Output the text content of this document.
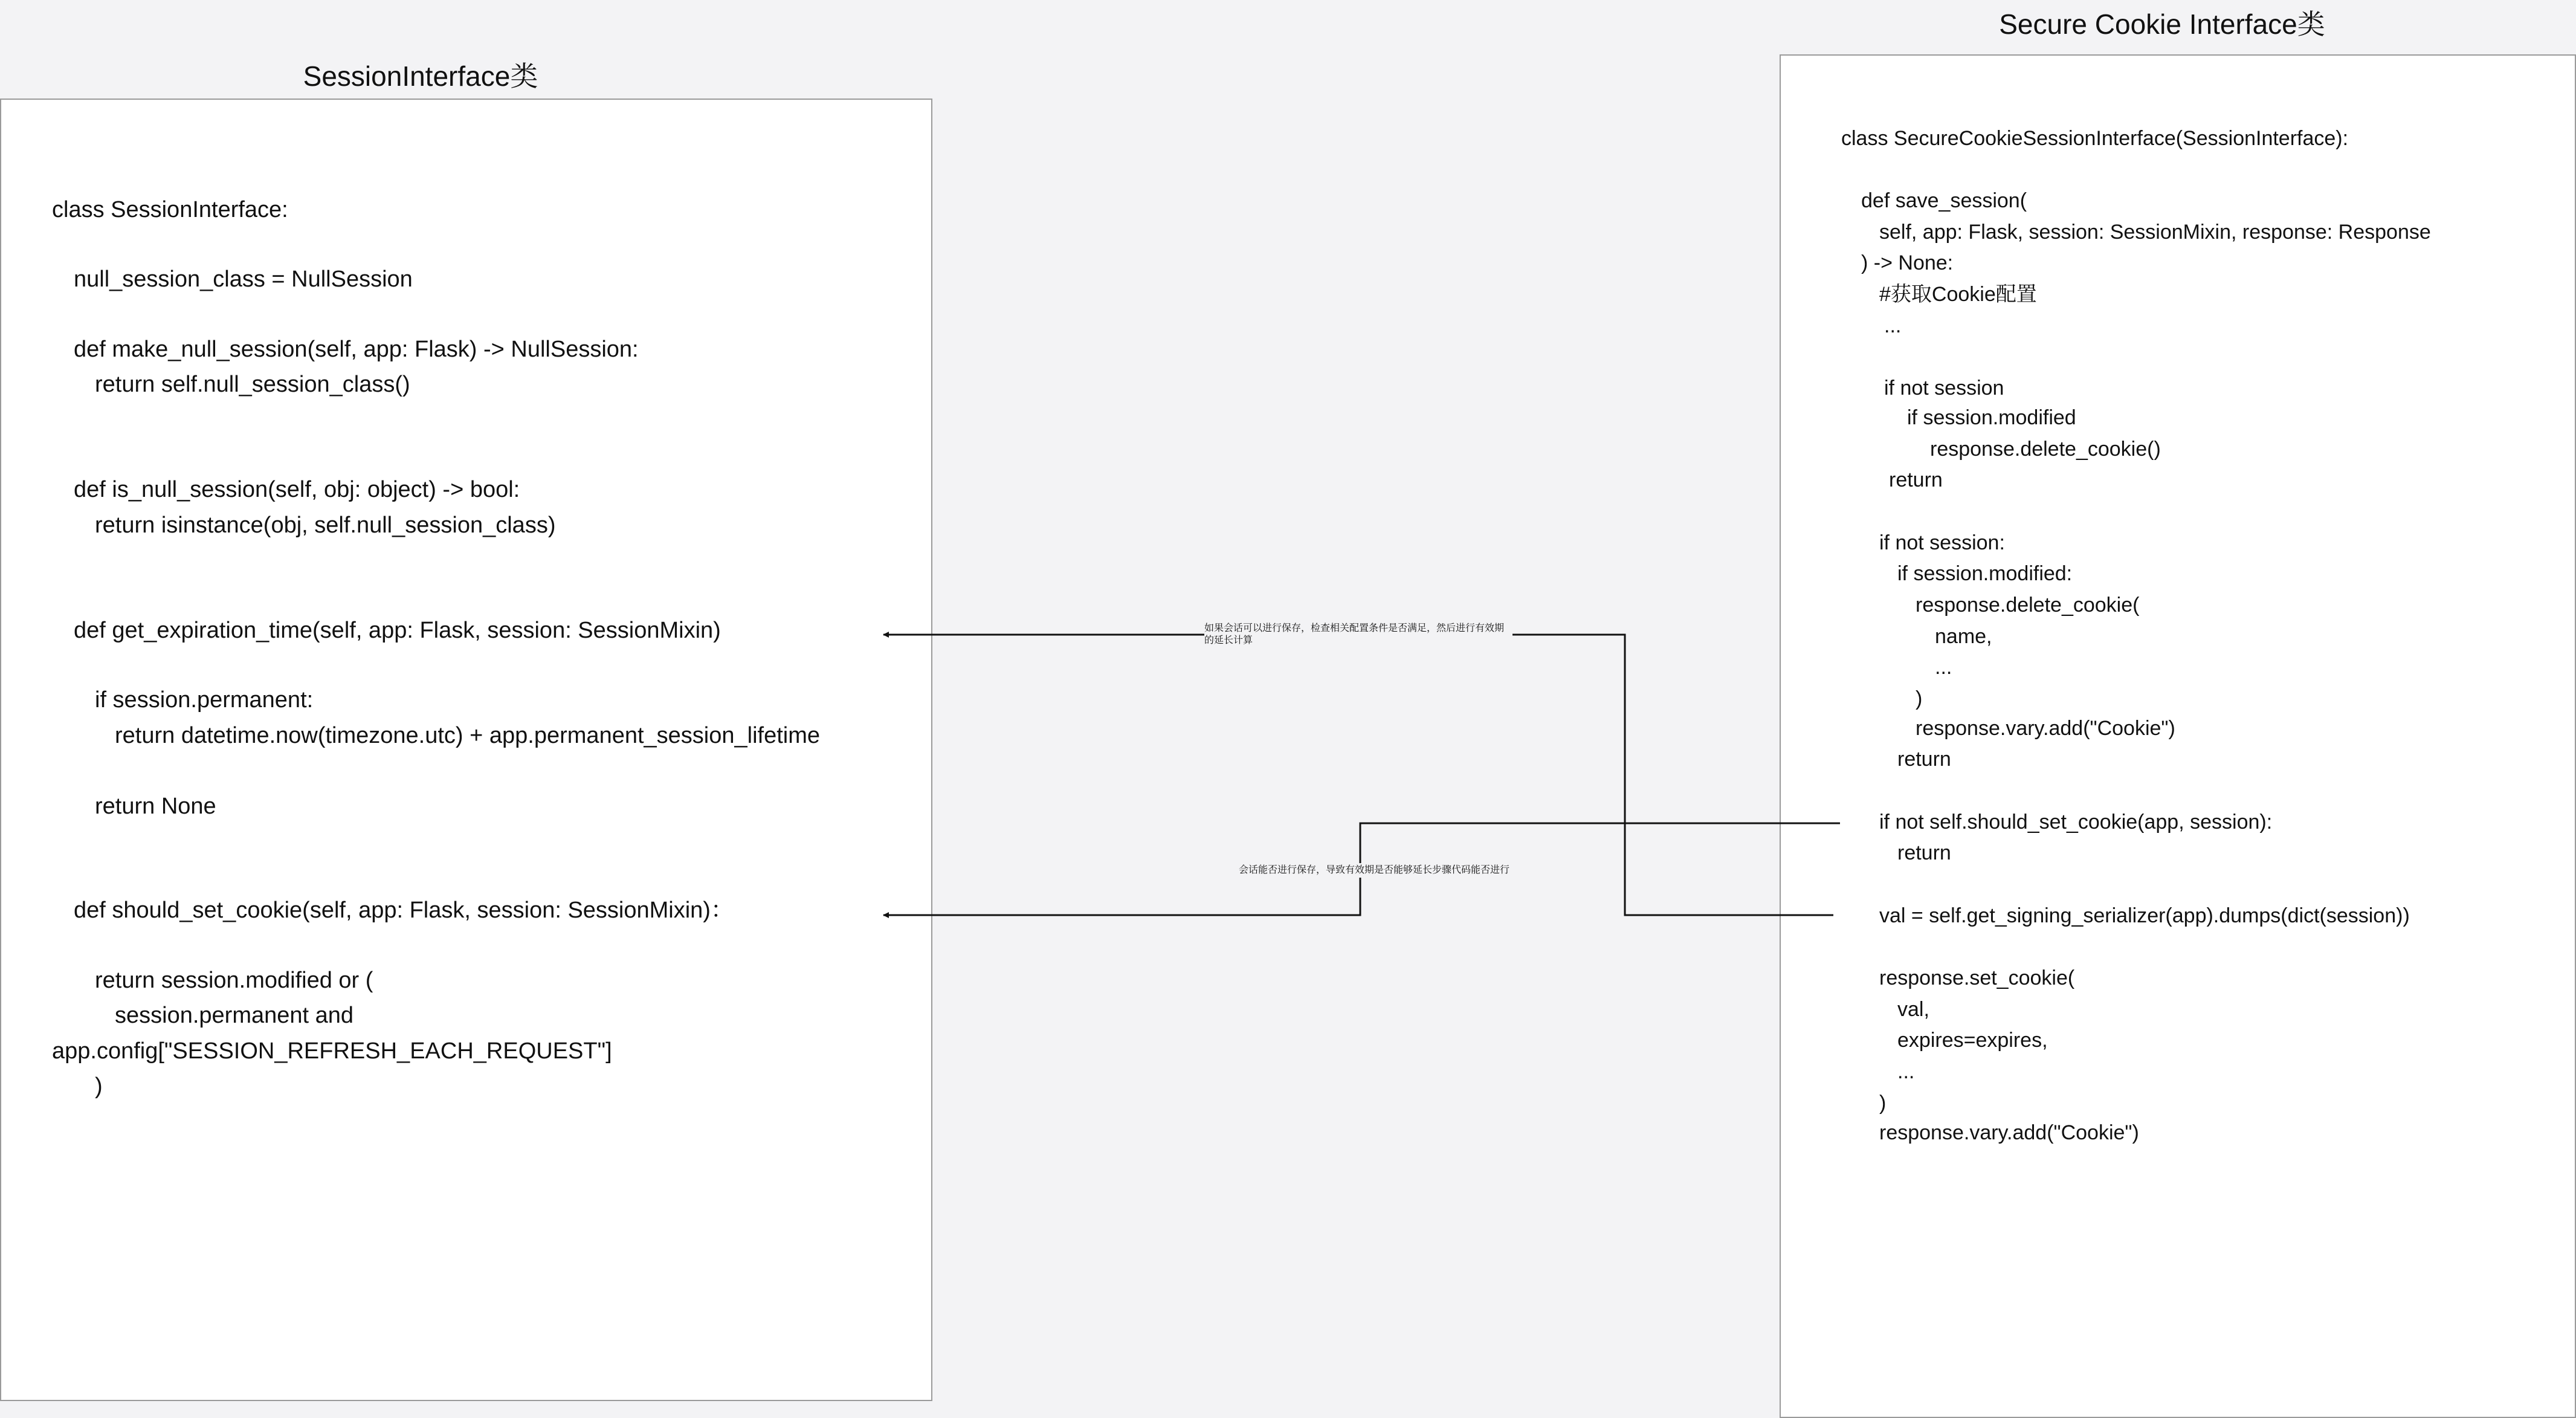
SessionInterface类
Secure Cookie Interface类
class SessionInterface:
null_session_class = NullSession
def make_null_session(self, app: Flask) -> NullSession:
return self.null_session_class()
def is_null_session(self, obj: object) -> bool:
return isinstance(obj, self.null_session_class)
def get_expiration_time(self, app: Flask, session: SessionMixin)
if session.permanent:
return datetime.now(timezone.utc) + app.permanent_session_lifetime
return None
def should_set_cookie(self, app: Flask, session: SessionMixin)：
return session.modified or (
session.permanent and
app.config["SESSION_REFRESH_EACH_REQUEST"]
)
class SecureCookieSessionInterface(SessionInterface):
def save_session(
self, app: Flask, session: SessionMixin, response: Response
) -> None:
#获取Cookie配置
...
if not session
if session.modified
response.delete_cookie()
return
if not session:
if session.modified:
response.delete_cookie(
name,
...
)
response.vary.add("Cookie")
return
if not self.should_set_cookie(app, session):
return
val = self.get_signing_serializer(app).dumps(dict(session))
response.set_cookie(
val,
expires=expires,
...
)
response.vary.add("Cookie")
如果会话可以进行保存，检查相关配置条件是否满足，然后进行有效期的延长计算
会话能否进行保存，导致有效期是否能够延长步骤代码能否进行
